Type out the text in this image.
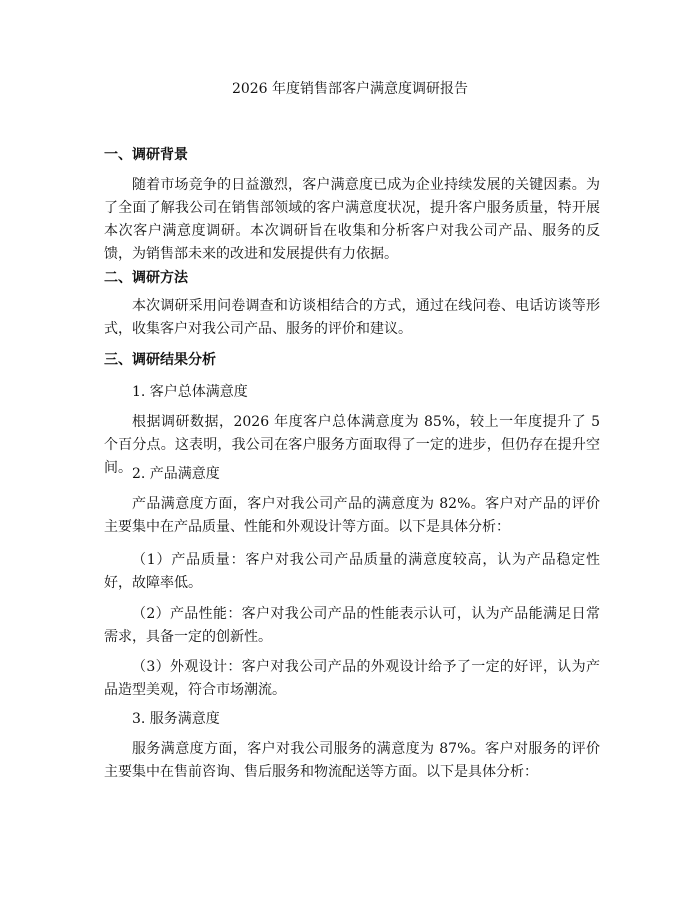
2026 年度销售部客户满意度调研报告
一、调研背景
随着市场竞争的日益激烈，客户满意度已成为企业持续发展的关键因素。为了全面了解我公司在销售部领域的客户满意度状况，提升客户服务质量，特开展本次客户满意度调研。本次调研旨在收集和分析客户对我公司产品、服务的反馈，为销售部未来的改进和发展提供有力依据。
二、调研方法
本次调研采用问卷调查和访谈相结合的方式，通过在线问卷、电话访谈等形式，收集客户对我公司产品、服务的评价和建议。
三、调研结果分析
1. 客户总体满意度
根据调研数据，2026 年度客户总体满意度为 85%，较上一年度提升了 5 个百分点。这表明，我公司在客户服务方面取得了一定的进步，但仍存在提升空间。 2. 产品满意度
产品满意度方面，客户对我公司产品的满意度为 82%。客户对产品的评价主要集中在产品质量、性能和外观设计等方面。以下是具体分析：
（1）产品质量：客户对我公司产品质量的满意度较高，认为产品稳定性好，故障率低。
（2）产品性能：客户对我公司产品的性能表示认可，认为产品能满足日常需求，具备一定的创新性。
（3）外观设计：客户对我公司产品的外观设计给予了一定的好评，认为产品造型美观，符合市场潮流。
3. 服务满意度
服务满意度方面，客户对我公司服务的满意度为 87%。客户对服务的评价主要集中在售前咨询、售后服务和物流配送等方面。以下是具体分析：
